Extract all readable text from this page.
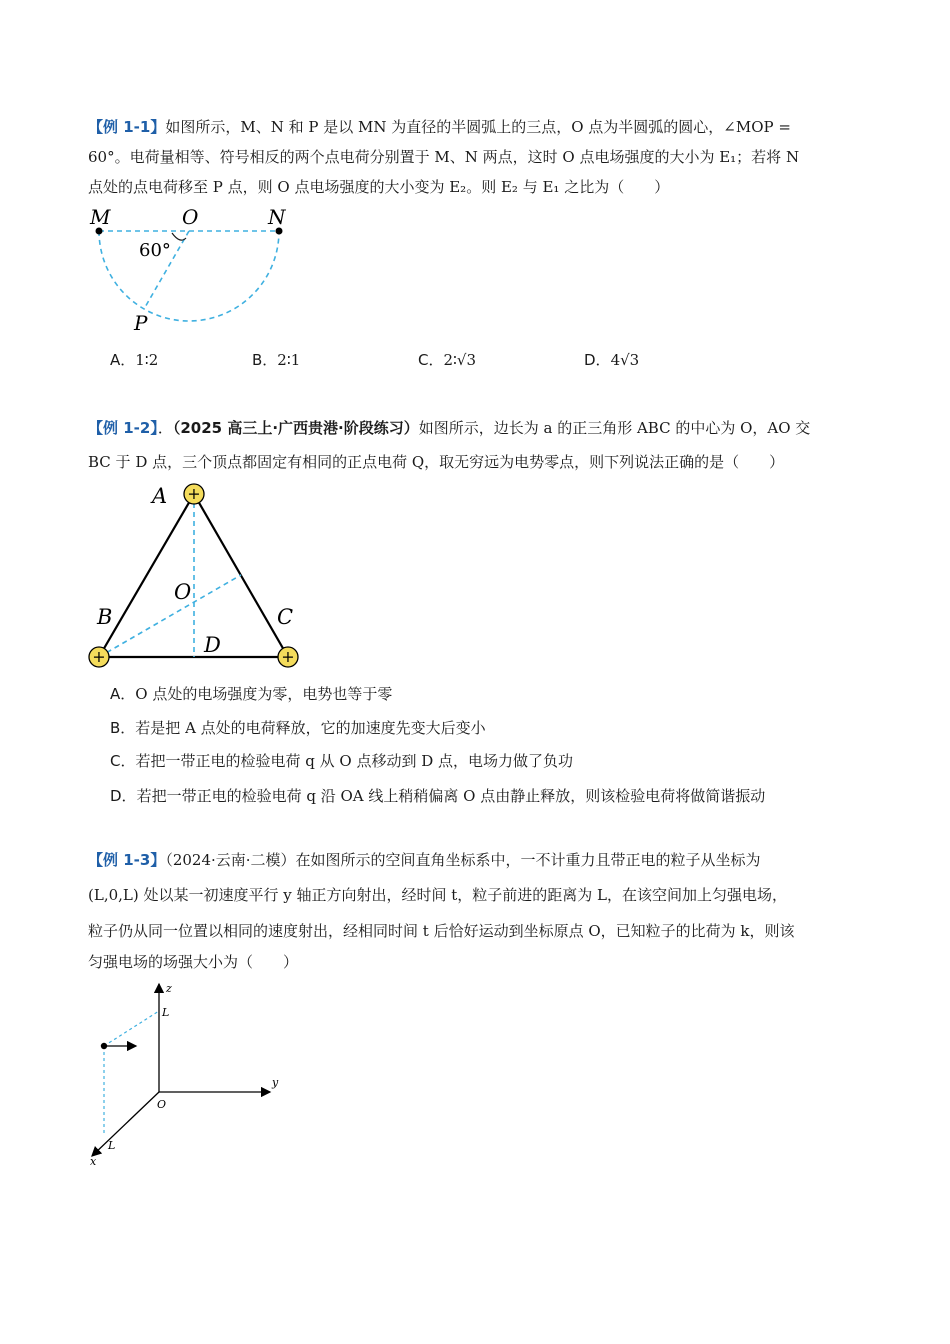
【例 1-1】如图所示，M、N 和 P 是以 MN 为直径的半圆弧上的三点，O 点为半圆弧的圆心，∠MOP =
60°。电荷量相等、符号相反的两个点电荷分别置于 M、N 两点，这时 O 点电场强度的大小为 E₁；若将 N
点处的点电荷移至 P 点，则 O 点电场强度的大小变为 E₂。则 E₂ 与 E₁ 之比为（　　）
M	O	N
P
60°
A．1∶2	B．2∶1	C．2∶√3	D．4√3
【例 1-2】．（2025 高三上·广西贵港·阶段练习）如图所示，边长为 a 的正三角形 ABC 的中心为 O，AO 交
BC 于 D 点，三个顶点都固定有相同的正点电荷 Q，取无穷远为电势零点，则下列说法正确的是（　　）
+
+	+
A
B	C
O
D
A．O 点处的电场强度为零，电势也等于零
B．若是把 A 点处的电荷释放，它的加速度先变大后变小
C．若把一带正电的检验电荷 q 从 O 点移动到 D 点，电场力做了负功
D．若把一带正电的检验电荷 q 沿 OA 线上稍稍偏离 O 点由静止释放，则该检验电荷将做简谐振动
【例 1-3】（2024·云南·二模）在如图所示的空间直角坐标系中，一不计重力且带正电的粒子从坐标为
(L,0,L) 处以某一初速度平行 y 轴正方向射出，经时间 t，粒子前进的距离为 L，在该空间加上匀强电场，
粒子仍从同一位置以相同的速度射出，经相同时间 t 后恰好运动到坐标原点 O，已知粒子的比荷为 k，则该
匀强电场的场强大小为（　　）
z
y
x
O
L
L
